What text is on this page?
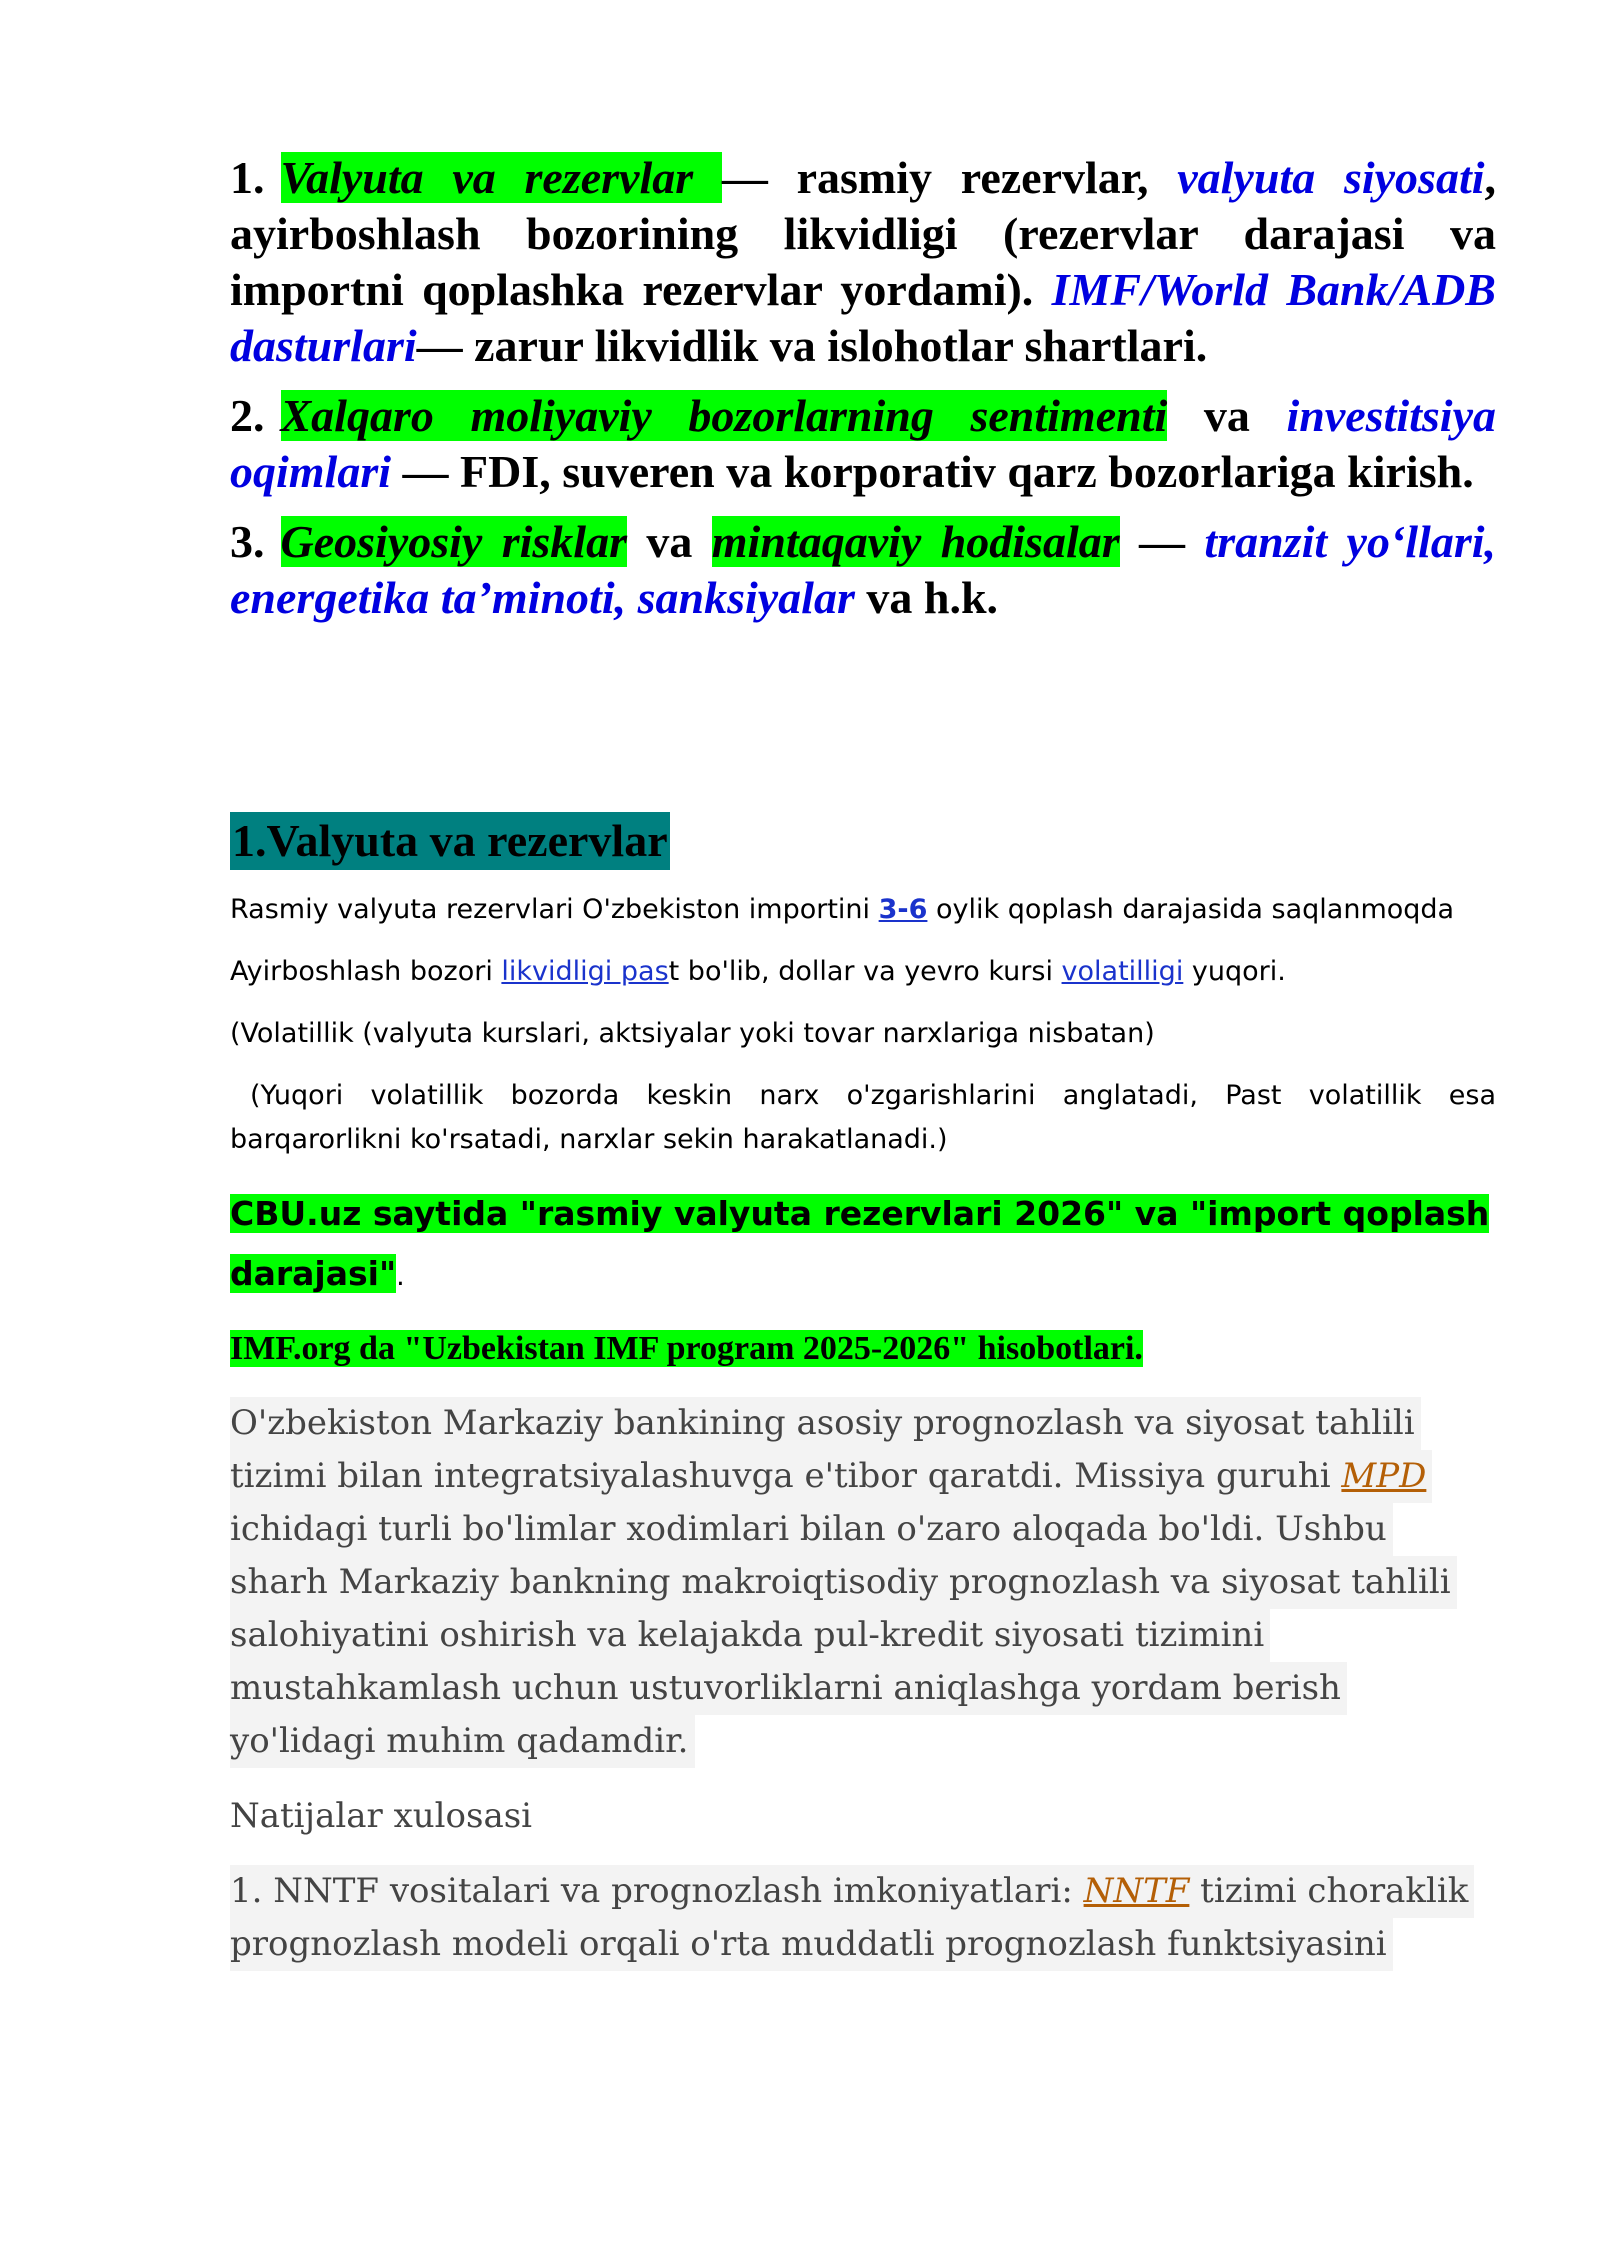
1. Valyuta va rezervlar — rasmiy rezervlar, valyuta siyosati, ayirboshlash bozorining likvidligi (rezervlar darajasi va importni qoplashka rezervlar yordami). IMF/World Bank/ADB dasturlari— zarur likvidlik va islohotlar shartlari.

2. Xalqaro moliyaviy bozorlarning sentimenti va investitsiya oqimlari — FDI, suveren va korporativ qarz bozorlariga kirish.

3. Geosiyosiy risklar va mintaqaviy hodisalar — tranzit yo‘llari, energetika ta’minoti, sanksiyalar va h.k.

1.Valyuta va rezervlar

Rasmiy valyuta rezervlari O'zbekiston importini 3-6 oylik qoplash darajasida saqlanmoqda

Ayirboshlash bozori likvidligi past bo'lib, dollar va yevro kursi volatilligi yuqori.

(Volatillik (valyuta kurslari, aktsiyalar yoki tovar narxlariga nisbatan)

(Yuqori volatillik bozorda keskin narx o'zgarishlarini anglatadi, Past volatillik esa barqarorlikni ko'rsatadi, narxlar sekin harakatlanadi.)

CBU.uz saytida "rasmiy valyuta rezervlari 2026" va "import qoplash darajasi".

IMF.org da "Uzbekistan IMF program 2025-2026" hisobotlari.

O'zbekiston Markaziy bankining asosiy prognozlash va siyosat tahlili
tizimi bilan integratsiyalashuvga e'tibor qaratdi. Missiya guruhi MPD
ichidagi turli bo'limlar xodimlari bilan o'zaro aloqada bo'ldi. Ushbu
sharh Markaziy bankning makroiqtisodiy prognozlash va siyosat tahlili
salohiyatini oshirish va kelajakda pul-kredit siyosati tizimini
mustahkamlash uchun ustuvorliklarni aniqlashga yordam berish
yo'lidagi muhim qadamdir.

Natijalar xulosasi

1. NNTF vositalari va prognozlash imkoniyatlari: NNTF tizimi choraklik
prognozlash modeli orqali o'rta muddatli prognozlash funktsiyasini
